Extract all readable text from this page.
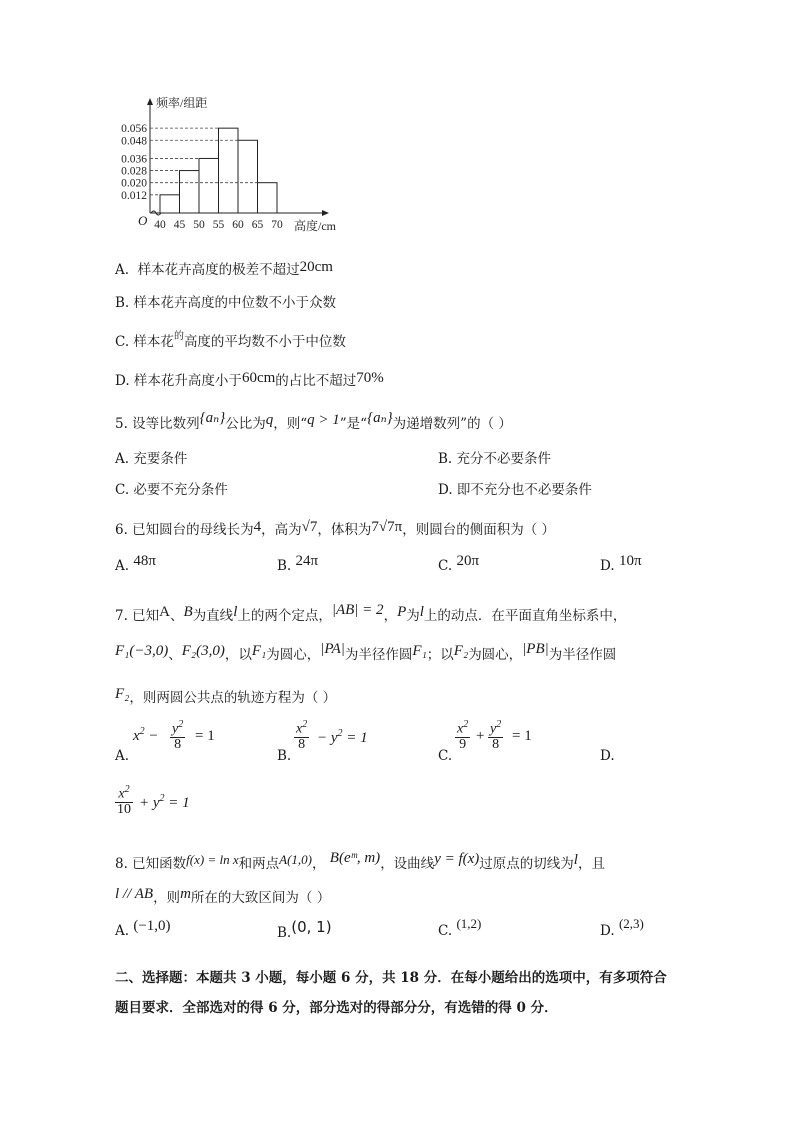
0.012
0.020
0.028
0.036
0.048
0.056
40 45 50 55 60 65 70
O
频率/组距
高度/cm
A. 样本花卉高度的极差不超过20cm
B. 样本花卉高度的中位数不小于众数
C. 样本花$^的$高度的平均数不小于中位数
D. 样本花升高度小于60cm的占比不超过70%
5. 设等比数列{aₙ}公比为q，则“q > 1”是“{aₙ}为递增数列”的（ ）
A. 充要条件	B. 充分不必要条件
C. 必要不充分条件	D. 即不充分也不必要条件
6. 已知圆台的母线长为4，高为√7，体积为7√7π，则圆台的侧面积为（ ）
A. 48π	B. 24π	C. 20π	D. 10π
7. 已知A、B为直线l上的两个定点，|AB| = 2，P为l上的动点．在平面直角坐标系中，
F₁(−3,0)、F₂(3,0)，以F₁为圆心，|PA|为半径作圆F₁；以F₂为圆心，|PB|为半径作圆
F₂，则两圆公共点的轨迹方程为（ ）
A.
$x^2 - \frac{y^2}{8} = 1$
B.
$\frac{x^2}{8} - y^2 = 1$
C.
$\frac{x^2}{9} + \frac{y^2}{8} = 1$
D.
$\frac{x^2}{10} + y^2 = 1$
8. 已知函数f(x) = ln x和两点A(1,0)， B(eᵐ, m)，设曲线y = f(x)过原点的切线为l，且
l // AB，则m所在的大致区间为（ ）
A. (−1,0)	B.(0, 1)	C. (1,2)	D. (2,3)
二、选择题：本题共 3 小题，每小题 6 分，共 18 分．在每小题给出的选项中，有多项符合
题目要求．全部选对的得 6 分，部分选对的得部分分，有选错的得 0 分．
